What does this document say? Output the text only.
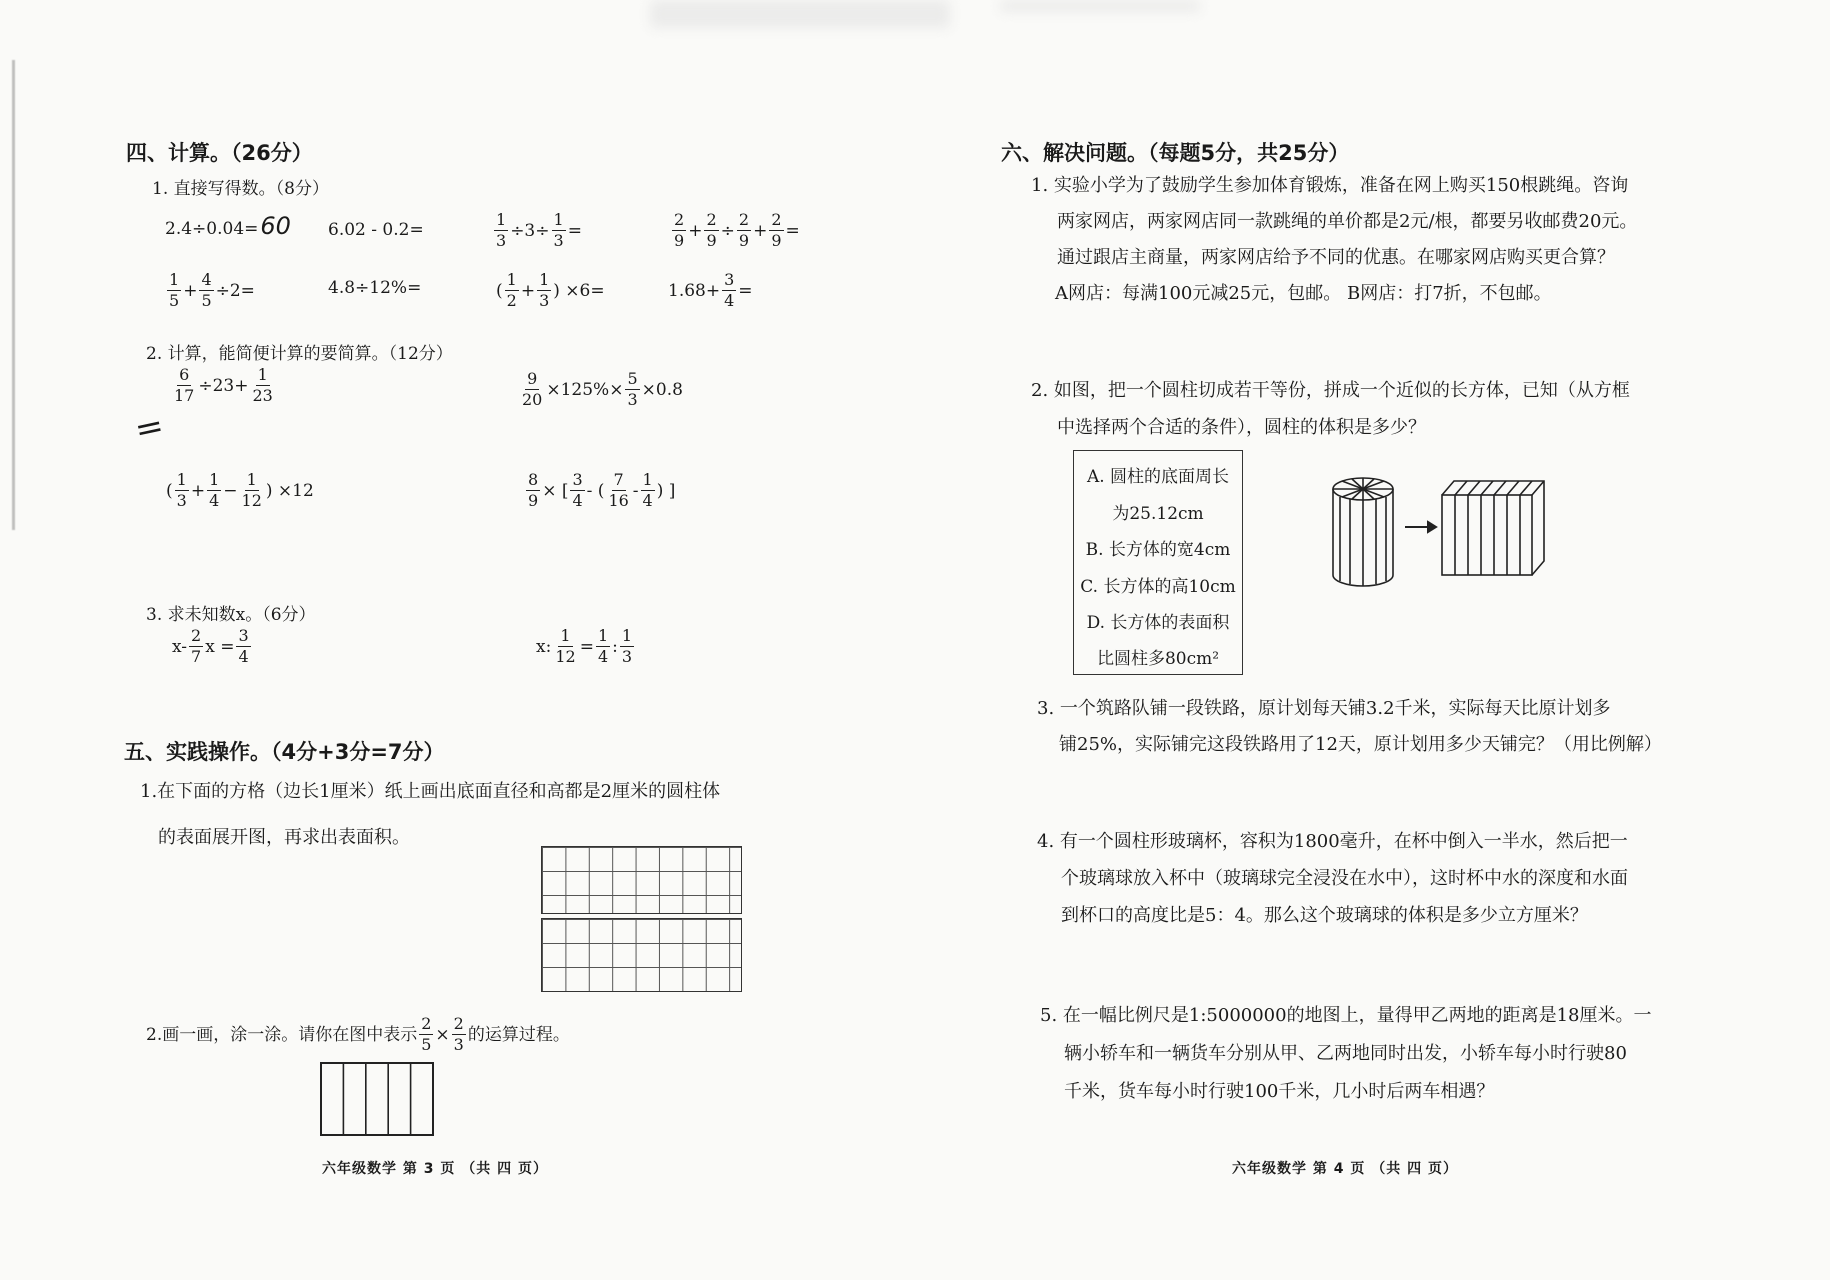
四、计算。（26分）
1. 直接写得数。（8分）
2.4÷0.04= 60 6.02 - 0.2=	$\frac{1}{3} \div 3\div \frac{1}{3}$ =	$\frac{2}{9} + \frac{2}{9} \div \frac{2}{9} + \frac{2}{9}$ =
$\frac{1}{5} + \frac{4}{5} \div 2=$	4.8÷12%=	( $\frac{1}{2} + \frac{1}{3}$ ) ×6=	$1.68+ \frac{3}{4}$ =
2. 计算，能简便计算的要简算。（12分）
$\frac{6}{17} \div 23+ \frac{1}{23}$	$\frac{9}{20} \times 125\%\times \frac{5}{3} \times 0.8$
=
( $\frac{1}{3} + \frac{1}{4} - \frac{1}{12}$ ) ×12	$\frac{8}{9}$ × [ $\frac{3}{4}$ - ( $\frac{7}{16} - \frac{1}{4}$ ) ]
3. 求未知数x。（6分）
$x- \frac{2}{7}$ $x = \frac{3}{4}$	x: $\frac{1}{12} = \frac{1}{4}$ : $\frac{1}{3}$
五、实践操作。（4分+3分=7分）
1.在下面的方格（边长1厘米）纸上画出底面直径和高都是2厘米的圆柱体
的表面展开图，再求出表面积。
2.画一画，涂一涂。请你在图中表示 $\frac{2}{5} \times \frac{2}{3}$ 的运算过程。
六年级数学 第 3 页 （共 四 页）
六、解决问题。（每题5分，共25分）
1. 实验小学为了鼓励学生参加体育锻炼，准备在网上购买150根跳绳。咨询
两家网店，两家网店同一款跳绳的单价都是2元/根，都要另收邮费20元。
通过跟店主商量，两家网店给予不同的优惠。在哪家网店购买更合算？
A网店：每满100元减25元，包邮。 B网店：打7折，不包邮。
2. 如图，把一个圆柱切成若干等份，拼成一个近似的长方体，已知（从方框
中选择两个合适的条件），圆柱的体积是多少？
A. 圆柱的底面周长
为25.12cm
B. 长方体的宽4cm
C. 长方体的高10cm
D. 长方体的表面积
比圆柱多80cm²
3. 一个筑路队铺一段铁路，原计划每天铺3.2千米，实际每天比原计划多
铺25%，实际铺完这段铁路用了12天，原计划用多少天铺完？（用比例解）
4. 有一个圆柱形玻璃杯，容积为1800毫升，在杯中倒入一半水，然后把一
个玻璃球放入杯中（玻璃球完全浸没在水中），这时杯中水的深度和水面
到杯口的高度比是5：4。那么这个玻璃球的体积是多少立方厘米？
5. 在一幅比例尺是1:5000000的地图上，量得甲乙两地的距离是18厘米。一
辆小轿车和一辆货车分别从甲、乙两地同时出发，小轿车每小时行驶80
千米，货车每小时行驶100千米，几小时后两车相遇？
六年级数学 第 4 页 （共 四 页）
